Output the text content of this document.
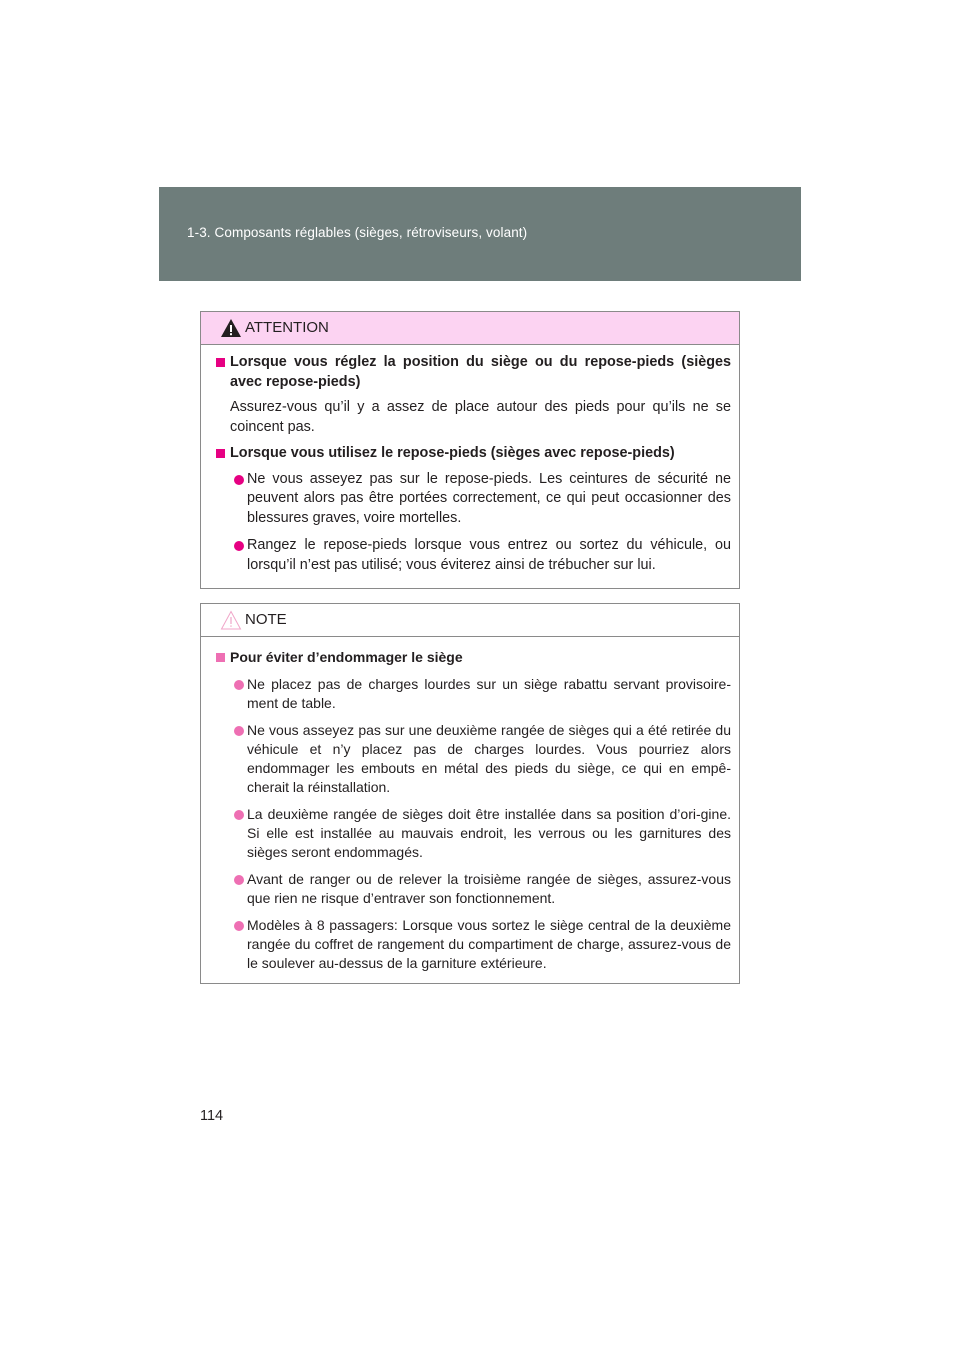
1-3. Composants réglables (sièges, rétroviseurs, volant)
ATTENTION
Lorsque vous réglez la position du siège ou du repose-pieds (sièges avec repose-pieds)
Assurez-vous qu’il y a assez de place autour des pieds pour qu’ils ne se coincent pas.
Lorsque vous utilisez le repose-pieds (sièges avec repose-pieds)
Ne vous asseyez pas sur le repose-pieds. Les ceintures de sécurité ne peuvent alors pas être portées correctement, ce qui peut occasionner des blessures graves, voire mortelles.
Rangez le repose-pieds lorsque vous entrez ou sortez du véhicule, ou lorsqu’il n’est pas utilisé; vous éviterez ainsi de trébucher sur lui.
NOTE
Pour éviter d’endommager le siège
Ne placez pas de charges lourdes sur un siège rabattu servant provisoire-ment de table.
Ne vous asseyez pas sur une deuxième rangée de sièges qui a été retirée du véhicule et n’y placez pas de charges lourdes. Vous pourriez alors endommager les embouts en métal des pieds du siège, ce qui en empê-cherait la réinstallation.
La deuxième rangée de sièges doit être installée dans sa position d’ori-gine. Si elle est installée au mauvais endroit, les verrous ou les garnitures des sièges seront endommagés.
Avant de ranger ou de relever la troisième rangée de sièges, assurez-vous que rien ne risque d’entraver son fonctionnement.
Modèles à 8 passagers: Lorsque vous sortez le siège central de la deuxième rangée du coffret de rangement du compartiment de charge, assurez-vous de le soulever au-dessus de la garniture extérieure.
114
